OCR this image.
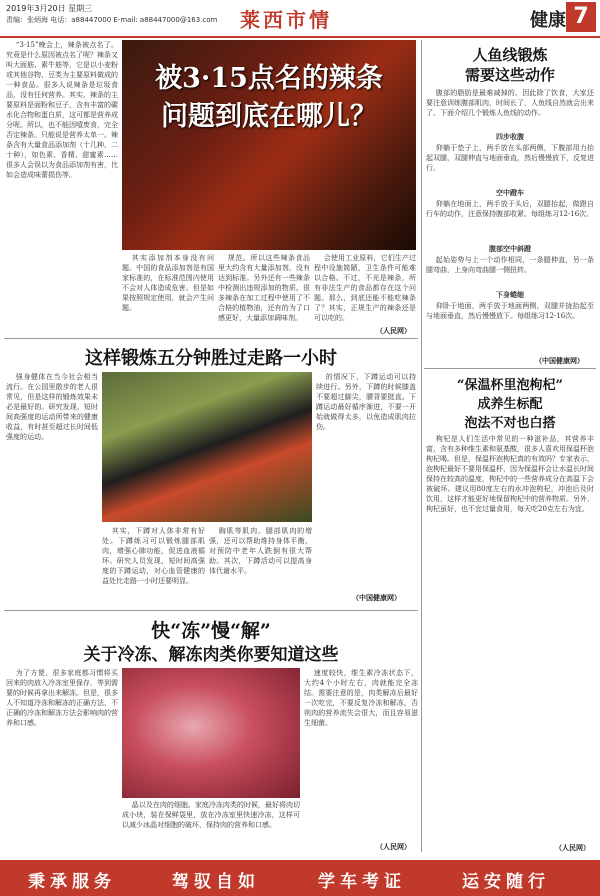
2019年3月20日 星期三
责编：张炳海 电话：a88447000 E-mail: a88447000@163.com 莱西市情	健康 7
“3·15”晚会上，辣条被点名了。究竟是什么原因被点名了呢？辣条又叫大面筋、素牛筋等，它是以小麦粉或其他谷物、豆类为主要原料做成的一种食品。很多人说辣条是垃圾食品，没有任何营养。其实，辣条的主要原料是面粉和豆子，含有丰富的碳水化合物和蛋白质，这可都是营养成分呢。所以，也不能因噎废食，完全否定辣条。只能说是营养太单一。辣条含有大量食品添加剂（十几种、二十种），如色素、香精、甜蜜素……很多人会误以为食品添加剂有害，比如会造成味蕾损伤等。
被3·15点名的辣条
问题到底在哪儿？
其实添加剂本身没有问题。中国的食品添加剂是有国家标准的，在标准范围内使用不会对人体造成危害。但是如果按照规定使用，就会产生问题。
规范。所以这些辣条食品里大约含有大量添加剂，没有达到标准。另外还有一些辣条中检测出违规添加的物质。很多辣条在加工过程中使用了不合格的植物油，还有的为了口感更好，大量添加调味剂。
会使用工业原料，它们生产过程中设施简陋，卫生条件可能难以合格。不过，不光是辣条，所有非法生产的食品都存在这个问题。那么，到底还能不能吃辣条了？其实，正规生产的辣条还是可以吃的。
（人民网）
人鱼线锻炼
需要这些动作
腹部的脂肪是最难减掉的。因此除了饮食，大家还要注意训练腹部肌肉，时间长了，人鱼线自然就会出来了。下面介绍几个锻炼人鱼线的动作。
四步收腹
仰躺于垫子上，两手放在头部两侧，下腹部用力抬起双腿，双腿伸直与地面垂直，然后慢慢放下，反复进行。
空中蹬车
仰躺在地面上，两手放于头后，双腿抬起，做蹬自行车的动作，注意保持腹部收紧。每组练习12-16次。
腹部空中斜蹬
起始姿势与上一个动作相同，一条腿伸直，另一条腿弯曲，上身向弯曲腿一侧扭转。
下身蜷缩
仰卧于地面，两手放于地面两侧，双腿并拢抬起至与地面垂直，然后慢慢放下。每组练习12-16次。
（中国健康网）
这样锻炼五分钟胜过走路一小时
强身健体在当今社会相当流行。在公园里散步的老人很常见，但是这样的锻炼效果未必是最好的。研究发现，短时间高强度的运动所带来的健康收益，有时甚至超过长时间低强度的运动。
其实，下蹲对人体非常有好处。下蹲练习可以锻炼腿部肌肉，增强心肺功能，促进血液循环。研究人员发现，短时间高强度的下蹲运动，对心血管健康的益处比走路一小时还要明显。
胸肌等肌肉。腿部肌肉的增强，还可以帮助维持身体平衡，对预防中老年人跌倒有很大帮助。其次，下蹲活动可以提高身体代谢水平。
的情况下，下蹲运动可以持续进行。另外，下蹲的时候膝盖不要超过脚尖，腰背要挺直。下蹲运动最好循序渐进，不要一开始就做得太多，以免造成肌肉拉伤。
（中国健康网）
快“冻”慢“解”
关于冷冻、解冻肉类你要知道这些
为了方便，很多家庭都习惯将买回来的肉放入冷冻室里保存，等到需要的时候再拿出来解冻。但是，很多人不知道冷冻和解冻的正确方法，不正确的冷冻和解冻方法会影响肉的营养和口感。
晶以及在肉的细胞。家庭冷冻肉类的时候，最好将肉切成小块，装在保鲜袋里，放在冷冻室里快速冷冻，这样可以减少冰晶对细胞的破坏，保持肉的营养和口感。
速度较快，维生素冷冻状态下，大约4个小时左右，肉就能完全冻结。需要注意的是，肉类解冻后最好一次吃完，不要反复冷冻和解冻，否则肉的营养流失会很大，而且容易滋生细菌。
（人民网）
“保温杯里泡枸杞”
成养生标配
泡法不对也白搭
枸杞是人们生活中常见的一种滋补品，其营养丰富，含有多种维生素和氨基酸，很多人喜欢用保温杯泡枸杞喝。但是，保温杯泡枸杞真的有效吗？专家表示，泡枸杞最好不要用保温杯，因为保温杯会让水温长时间保持在较高的温度，枸杞中的一些营养成分在高温下会被破坏。建议用80度左右的水冲泡枸杞，冲泡后及时饮用，这样才能更好地保留枸杞中的营养物质。另外，枸杞虽好，也不宜过量食用，每天吃20克左右为宜。
（人民网）
秉承服务	驾驭自如	学车考证	运安随行
